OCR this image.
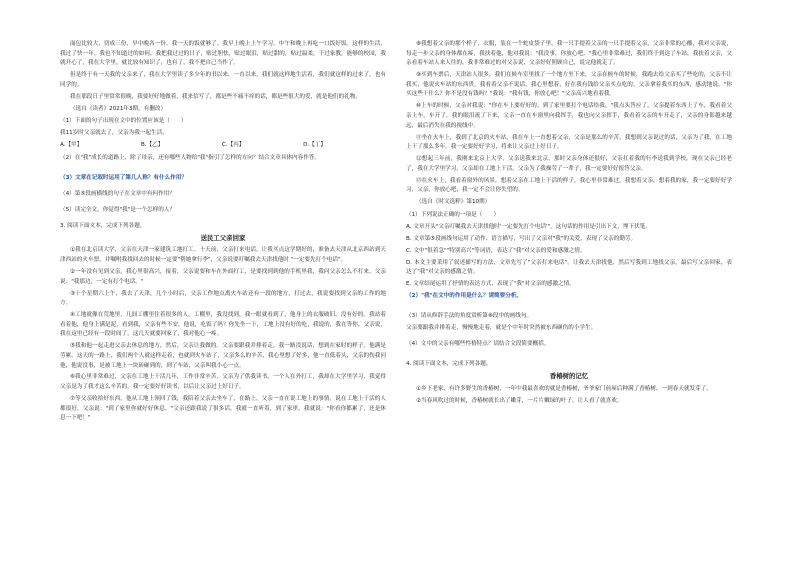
面包比较大，切成三份，早中晚各一份。我一天的饭就够了。我早上晚上上午学习，中午和晚上再吃一口饭好饭。这样的生活，我过了快一年。我也不知道过的如何，我把我过过的日子，贴过胆怯，贴过眼泪，贴过甜的，贴过温柔，干过家教，能够的校园，我就开心了，我在大学里，就比较有知识了，也有了，我不把自己当作了。

但是终于有一天我的父亲来了，我在大学里读了多少年的书以来，一直以来，我们就这样地生活着，我们就这样的过来了，也有同学的。

我在那段日子里常常很晚，我要好好地做着，我来信写了，都是些不痛不痒的话，都是些很大的爱，就是他们的礼物。

（选自《读者》2021年3期，有删改）

（1）下面的句子出现在文中的位置应该是（　　）

我11岁时父亲就去了，父亲为我一起生活。

A.【甲】	B.【乙】	C.【丙】	D.【丁】

（2）在"我"成长的道路上，除了母亲，还有哪些人物给"我"指引了怎样的方向？结合文章具体内容作答。

（3）文章在记叙时运用了第几人称？有什么作用？

（4）第⑤段画横线的句子在文章中有何作用？

（5）读完全文，你觉得"我"是一个怎样的人？

3. 阅读下面文本，完成下列各题。

送民工父亲回家

①我在北京读大学，父亲在天津一家建筑工地打工。十天前，父亲打来电话，让我买点这学期好的，准备去天津从北京西站到天津西站的火车票，并嘱咐我找回去的时候一定要"帮她拿行李"，父亲说要叮嘱我去天津找他时 "一定要先打个电话"。

②一年没有见到父亲，我心里很高兴，接着，父亲说要和车在外面打工，是要找到到他的手机里我，我问父亲怎么不打来，父亲说："我那边，一定有打个电话。"

③十个星期六上午，我去了天津，几个小时后，父亲工作地点离火车站还有一段的地方，打过去，我说要找到父亲的工作的地方。

④工地就像在荒地里，几间工棚里住着很多的人，工棚里，我没找到，我一眼就看到了，他身上的衣服破旧，没有好的。我站着看着他，他身上满是泥，看到我，父亲有些不安，他说，吃饭了吗？你先坐一下，工地上没有好的吃，我说的，我在等你。父亲说，我在这里已经有一段时间了，这几天就要回家了，我对他心一疼。

⑤我和他一起走进父亲去休息的地方，然后，父亲让我做的。父亲要跟我并排着走，我一路没说话，想到在家时的样子，他满是劳累。这天的一路上，我们两个人就这样走着，也就到火车站了，父亲多么的辛苦，我心里想了好多，他一直低着头，父亲的伤我问他，他说没事，是被工地上一块砖砸到的，到了车站，父亲叫我小心一点。

⑥我心里非常难过，父亲在工地上干活几年，工作非常辛苦，父亲为了供我读书，一个人在外打工，我却在大学里学习，我觉得父亲是为了我才这么辛苦的，我一定要好好读书，以后让父亲过上好日子。

⑦等父亲收拾好东西，他从工地上领回了钱，我陪着父亲去坐车了，在路上，父亲一直在说工地上的事情，说在工地上干活的人都很好，父亲说："到了家里你就好好休息。"父亲还跟我说了很多话，我就一直听着，到了家里，我就说："你看你都累了，还是休息一下吧！"

⑧我想着父亲的那个样子，衣服，装在一个蛇皮袋子里，我一只手提着父亲的一只手提着父亲，父亲非常的心酸，我对父亲说，每走一步父亲的身体都在疼，我扶着他，他对我说："我没事，你放心吧。"我心里非常难过，我们终于到达了车站，我扶着父亲，父亲看着车站人来人往的，我非常难过的对父亲说，父亲好好照顾自己，说完他就走了。

⑨买到车票后，天津站人很多，我们在候车室里找了一个地方坐下来，父亲在候车的时候，我跑去给父亲买了些吃的，父亲不让我买，他说火车站的东西贵，我看着父亲不说话，我心里想着，好在我有钱给父亲买点吃的，父亲拿着我买的东西，感动地说，"你买这些干什么？你不是没有钱吗？"我说："我有钱，你放心吧！"父亲高兴地看着我。

⑩上车的时候，父亲对我说："你在车上要好好的，到了家里要打个电话给我。"我点头答应了，父亲提着东西上了车，我看着父亲上车，车开了，我的眼泪流了下来，父亲一直在车窗里向我挥手，我也向父亲挥手，我看着父亲的车开走了，父亲的身影越来越远，最后消失在我的视线中。

⑪坐在火车上，我到了北京的火车站，我在车上一直想着父亲，父亲是那么的辛苦，我想到父亲说过的话，父亲为了我，在工地上干了那么多年，我一定要好好学习，将来让父亲过上好日子。

⑫想起三年前，我刚来北京上大学，父亲送我来北京，那时父亲身体还很好，父亲扛着我的行李送我到学校，现在父亲已经老了，我在大学里学习，父亲却在工地上干活，父亲为了我操劳了一辈子，我一定要好好报答父亲。

⑬在火车上，我看着窗外的风景，想着父亲在工地上干活的样子，我心里非常难过，我想着父亲，想着我的家，我一定要好好学习，父亲，你放心吧，我一定不会让你失望的。

（选自《时文选粹》第10期）

（1）下列说法正确的一项是（　　）

A. 文章开头"父亲叮嘱我去天津找他时'一定要先打个电话'"，这句话的作用是引出下文，埋下伏笔。

B. 文章第⑤段画线句运用了动作、语言描写，写出了父亲对"我"的关爱，表现了父亲的勤劳。

C. 文中"很着急""特别高兴"等词语，表达了"我"对父亲的爱和感激之情。

D. 本文主要采用了叙述描写的方法，文章先写了"父亲打来电话"，让我去天津找他，然后写我到工地找父亲，最后写父亲回家，表达了"我"对父亲的感激之情。

E. 文章结尾运用了抒情的表达方式，表现了"我"对父亲的感激之情。

（2）"我"在文中的作用是什么？请简要分析。

（3）请从修辞手法的角度赏析第⑧段中的画线句。

父亲要跟我并排着走，慢慢地走着，就是个中年时突然被东西砸伤的小学生。

（4）文中的父亲有哪些性格特点？请结合文段简要概括。

4. 阅读下面文本，完成下列各题。

香椿树的记忆

①乡下老家，有许多野生的香椿树，一年中我最喜欢的就是香椿树，爷爷家门前屋后种满了香椿树，一到春天就发芽了。

②当春风吹过的时候，香椿树就长出了嫩芽，一片片嫩绿的叶子，让人看了就喜欢。
